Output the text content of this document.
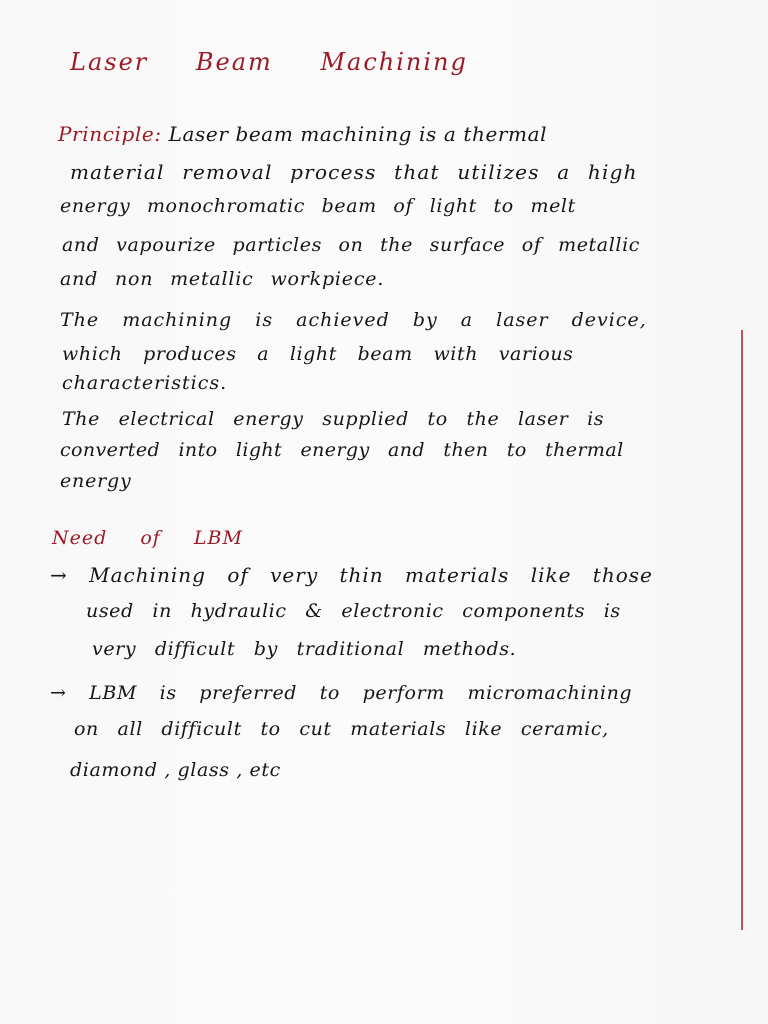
Laser Beam Machining
Principle: Laser beam machining is a thermal
material removal process that utilizes a high
energy monochromatic beam of light to melt
and vapourize particles on the surface of metallic
and non metallic workpiece.
The machining is achieved by a laser device,
which produces a light beam with various
characteristics.
The electrical energy supplied to the laser is
converted into light energy and then to thermal
energy
Need of LBM
→ Machining of very thin materials like those
used in hydraulic & electronic components is
very difficult by traditional methods.
→ LBM is preferred to perform micromachining
on all difficult to cut materials like ceramic,
diamond , glass , etc
